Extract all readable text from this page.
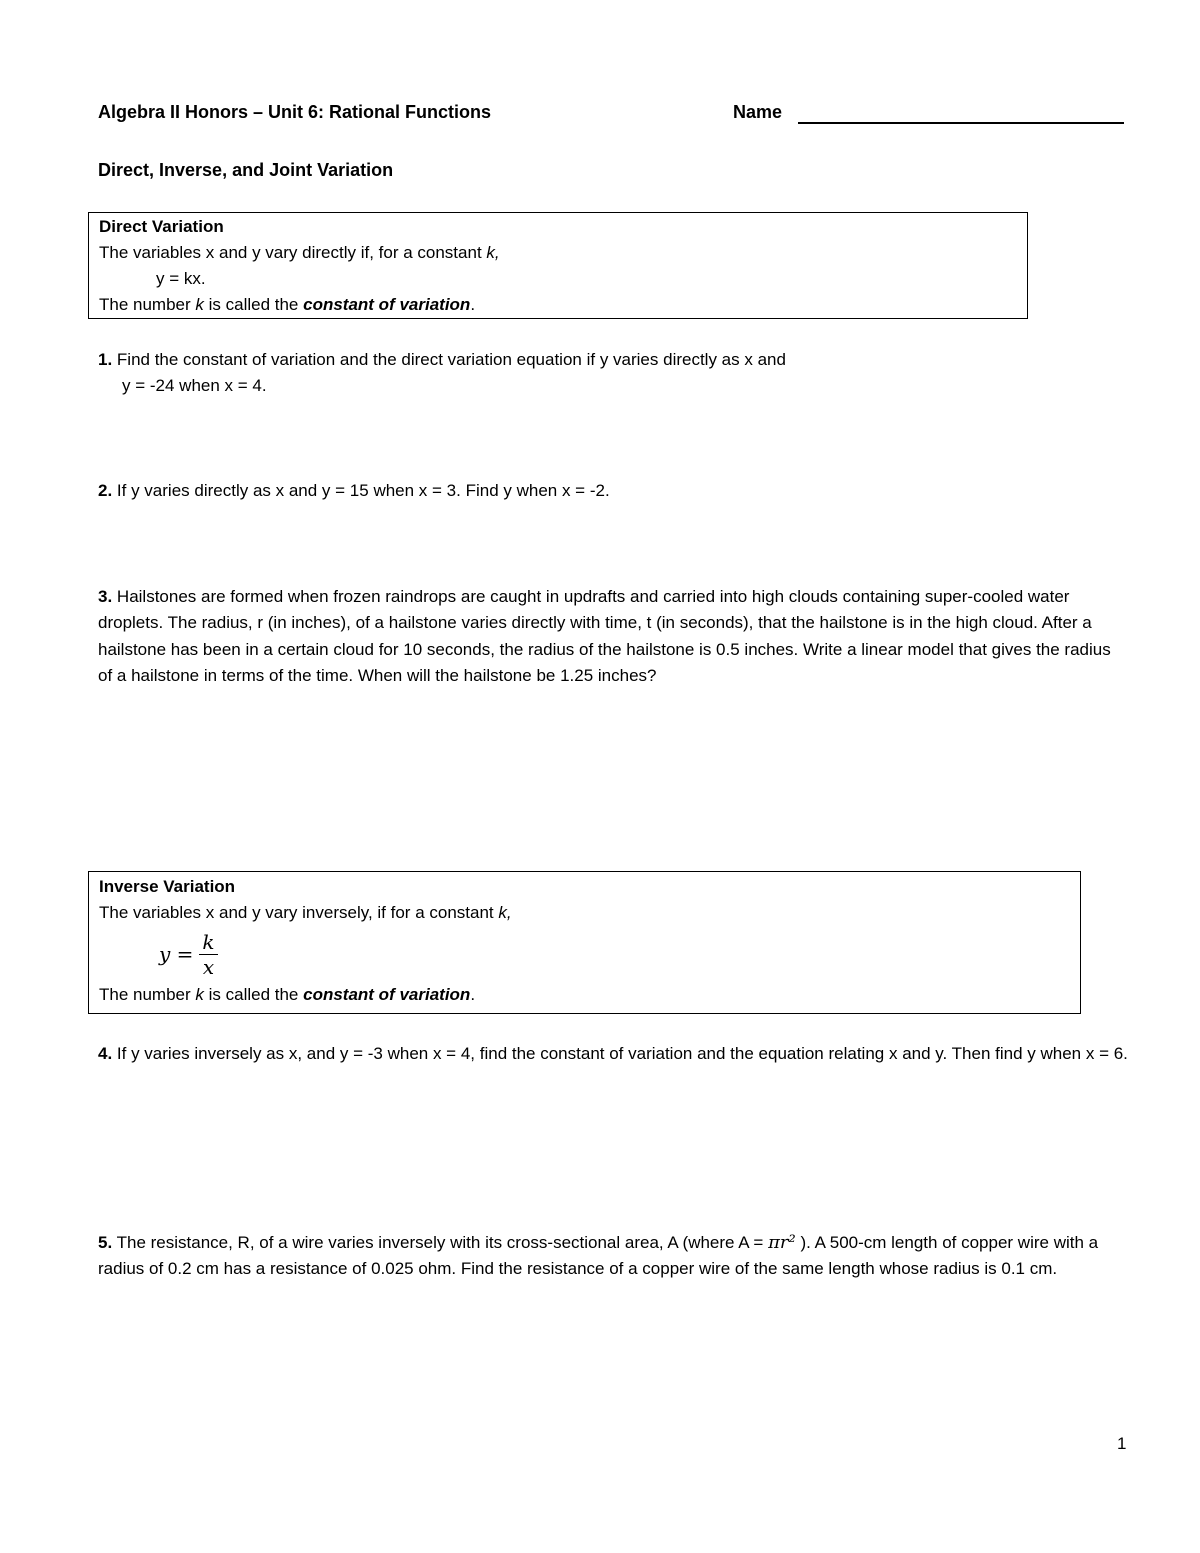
Algebra II Honors – Unit 6: Rational Functions	Name
Direct, Inverse, and Joint Variation
Direct Variation
The variables x and y vary directly if, for a constant k,
y = kx.
The number k is called the constant of variation.
1. Find the constant of variation and the direct variation equation if y varies directly as x and
y = -24 when x = 4.
2. If y varies directly as x and y = 15 when x = 3. Find y when x = -2.
3. Hailstones are formed when frozen raindrops are caught in updrafts and carried into high clouds containing super-cooled water droplets. The radius, r (in inches), of a hailstone varies directly with time, t (in seconds), that the hailstone is in the high cloud. After a hailstone has been in a certain cloud for 10 seconds, the radius of the hailstone is 0.5 inches. Write a linear model that gives the radius of a hailstone in terms of the time. When will the hailstone be 1.25 inches?
Inverse Variation
The variables x and y vary inversely, if for a constant k,
$y = \frac{k}{x}$
The number k is called the constant of variation.
4. If y varies inversely as x, and y = -3 when x = 4, find the constant of variation and the equation relating x and y. Then find y when x = 6.
5. The resistance, R, of a wire varies inversely with its cross-sectional area, A (where A = πr² ). A 500-cm length of copper wire with a radius of 0.2 cm has a resistance of 0.025 ohm. Find the resistance of a copper wire of the same length whose radius is 0.1 cm.
1
